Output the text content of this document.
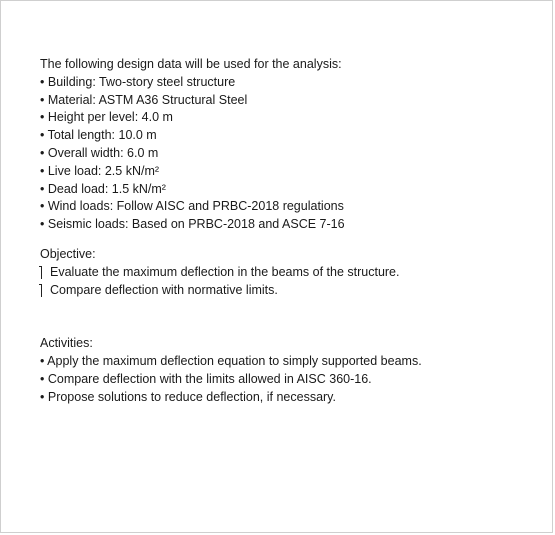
The following design data will be used for the analysis:
• Building: Two-story steel structure
• Material: ASTM A36 Structural Steel
• Height per level: 4.0 m
• Total length: 10.0 m
• Overall width: 6.0 m
• Live load: 2.5 kN/m²
• Dead load: 1.5 kN/m²
• Wind loads: Follow AISC and PRBC-2018 regulations
• Seismic loads: Based on PRBC-2018 and ASCE 7-16
Objective:
Evaluate the maximum deflection in the beams of the structure.
Compare deflection with normative limits.
Activities:
• Apply the maximum deflection equation to simply supported beams.
• Compare deflection with the limits allowed in AISC 360-16.
• Propose solutions to reduce deflection, if necessary.
